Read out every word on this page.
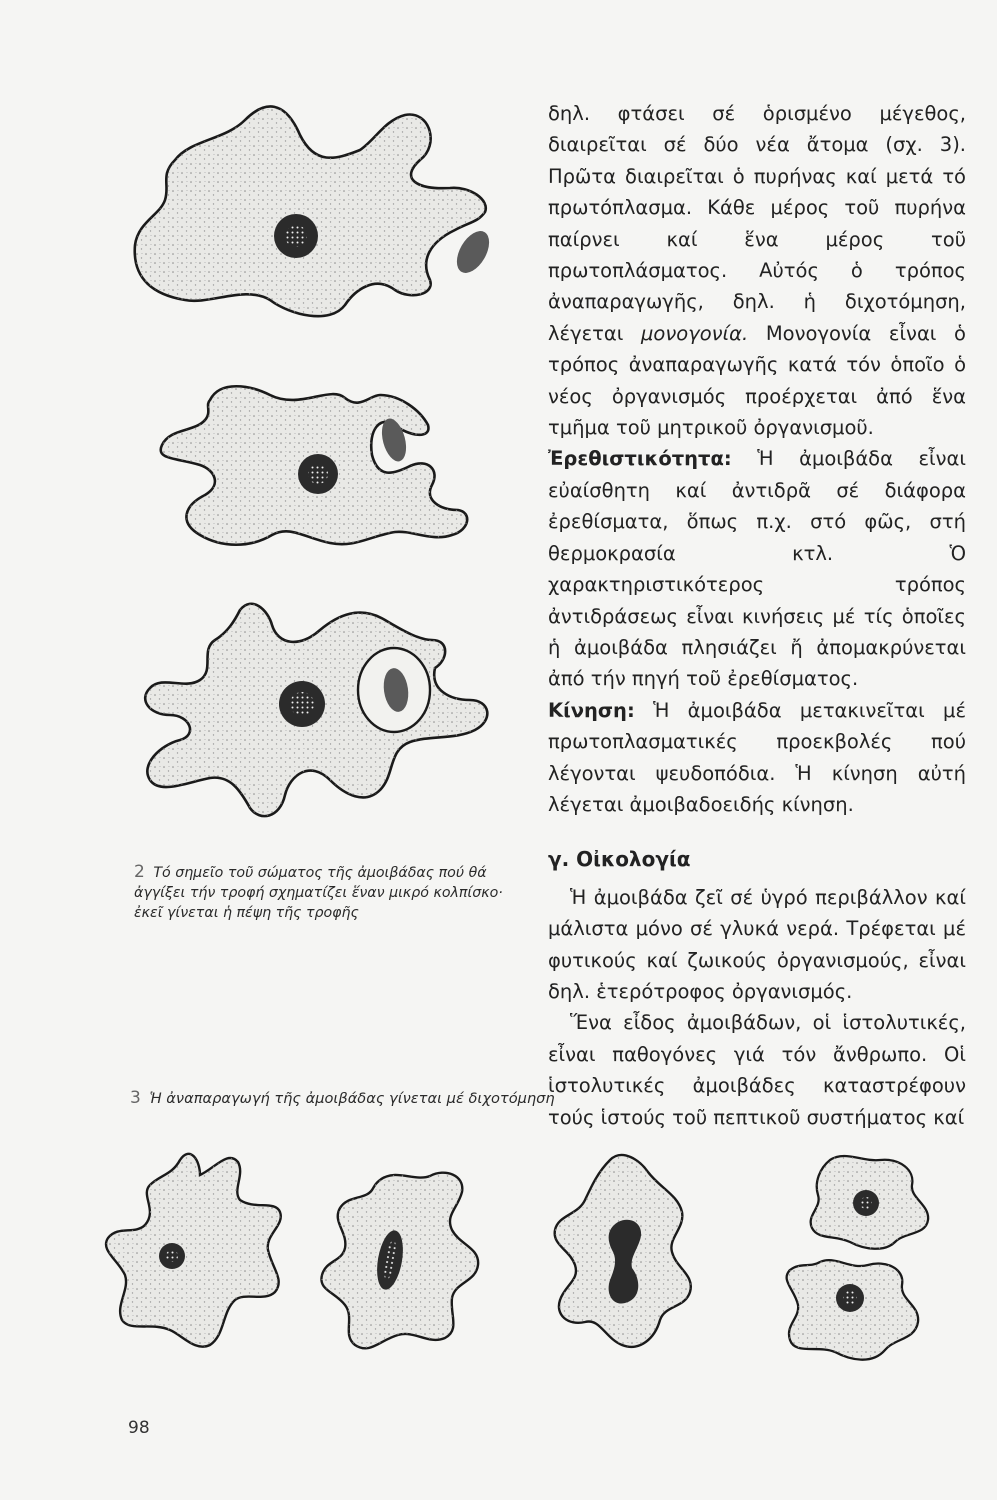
δηλ. φτάσει σέ ὁρισμένο μέγεθος, διαιρεῖται σέ δύο νέα ἄτομα (σχ. 3). Πρῶτα διαιρεῖται ὁ πυρήνας καί μετά τό πρωτόπλασμα. Κάθε μέρος τοῦ πυρήνα παίρνει καί ἕνα μέρος τοῦ πρωτοπλάσματος. Αὐτός ὁ τρόπος ἀναπαραγωγῆς, δηλ. ἡ διχοτόμηση, λέγεται μονογονία. Μονογονία εἶναι ὁ τρόπος ἀναπαραγωγῆς κατά τόν ὁποῖο ὁ νέος ὀργανισμός προέρχεται ἀπό ἕνα τμῆμα τοῦ μητρικοῦ ὀργανισμοῦ.

Ἐρεθιστικότητα: Ἡ ἀμοιβάδα εἶναι εὐαίσθητη καί ἀντιδρᾶ σέ διάφορα ἐρεθίσματα, ὅπως π.χ. στό φῶς, στή θερμοκρασία κτλ. Ὁ χαρακτηριστικότερος τρόπος ἀντιδράσεως εἶναι κινήσεις μέ τίς ὁποῖες ἡ ἀμοιβάδα πλησιάζει ἤ ἀπομακρύνεται ἀπό τήν πηγή τοῦ ἐρεθίσματος.

Κίνηση: Ἡ ἀμοιβάδα μετακινεῖται μέ πρωτοπλασματικές προεκβολές πού λέγονται ψευδοπόδια. Ἡ κίνηση αὐτή λέγεται ἀμοιβαδοειδής κίνηση.

γ. Οἰκολογία

Ἡ ἀμοιβάδα ζεῖ σέ ὑγρό περιβάλλον καί μάλιστα μόνο σέ γλυκά νερά. Τρέφεται μέ φυτικούς καί ζωικούς ὀργανισμούς, εἶναι δηλ. ἑτερότροφος ὀργανισμός.

Ἕνα εἶδος ἀμοιβάδων, οἱ ἱστολυτικές, εἶναι παθογόνες γιά τόν ἄνθρωπο. Οἱ ἱστολυτικές ἀμοιβάδες καταστρέφουν τούς ἱστούς τοῦ πεπτικοῦ συστήματος καί

2 Τό σημεῖο τοῦ σώματος τῆς ἀμοιβάδας πού θά ἀγγίξει τήν τροφή σχηματίζει ἕναν μικρό κολπίσκο· ἐκεῖ γίνεται ἡ πέψη τῆς τροφῆς
3 Ἡ ἀναπαραγωγή τῆς ἀμοιβάδας γίνεται μέ διχοτόμηση
98
